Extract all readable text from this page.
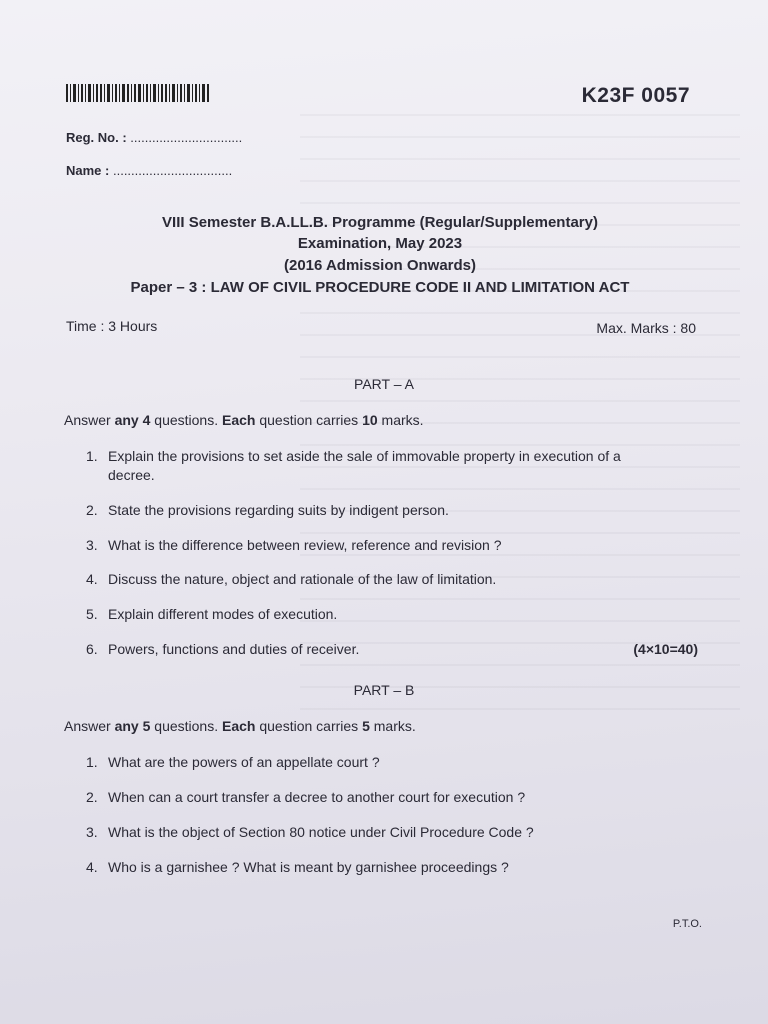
K23F 0057
Reg. No. : ...............................
Name : .................................
VIII Semester B.A.LL.B. Programme (Regular/Supplementary)
Examination, May 2023
(2016 Admission Onwards)
Paper – 3 : LAW OF CIVIL PROCEDURE CODE II AND LIMITATION ACT
Time : 3 Hours	Max. Marks : 80
PART – A
Answer any 4 questions. Each question carries 10 marks.
1. Explain the provisions to set aside the sale of immovable property in execution of a decree.
2. State the provisions regarding suits by indigent person.
3. What is the difference between review, reference and revision ?
4. Discuss the nature, object and rationale of the law of limitation.
5. Explain different modes of execution.
6. Powers, functions and duties of receiver.	(4×10=40)
PART – B
Answer any 5 questions. Each question carries 5 marks.
1. What are the powers of an appellate court ?
2. When can a court transfer a decree to another court for execution ?
3. What is the object of Section 80 notice under Civil Procedure Code ?
4. Who is a garnishee ? What is meant by garnishee proceedings ?
P.T.O.
